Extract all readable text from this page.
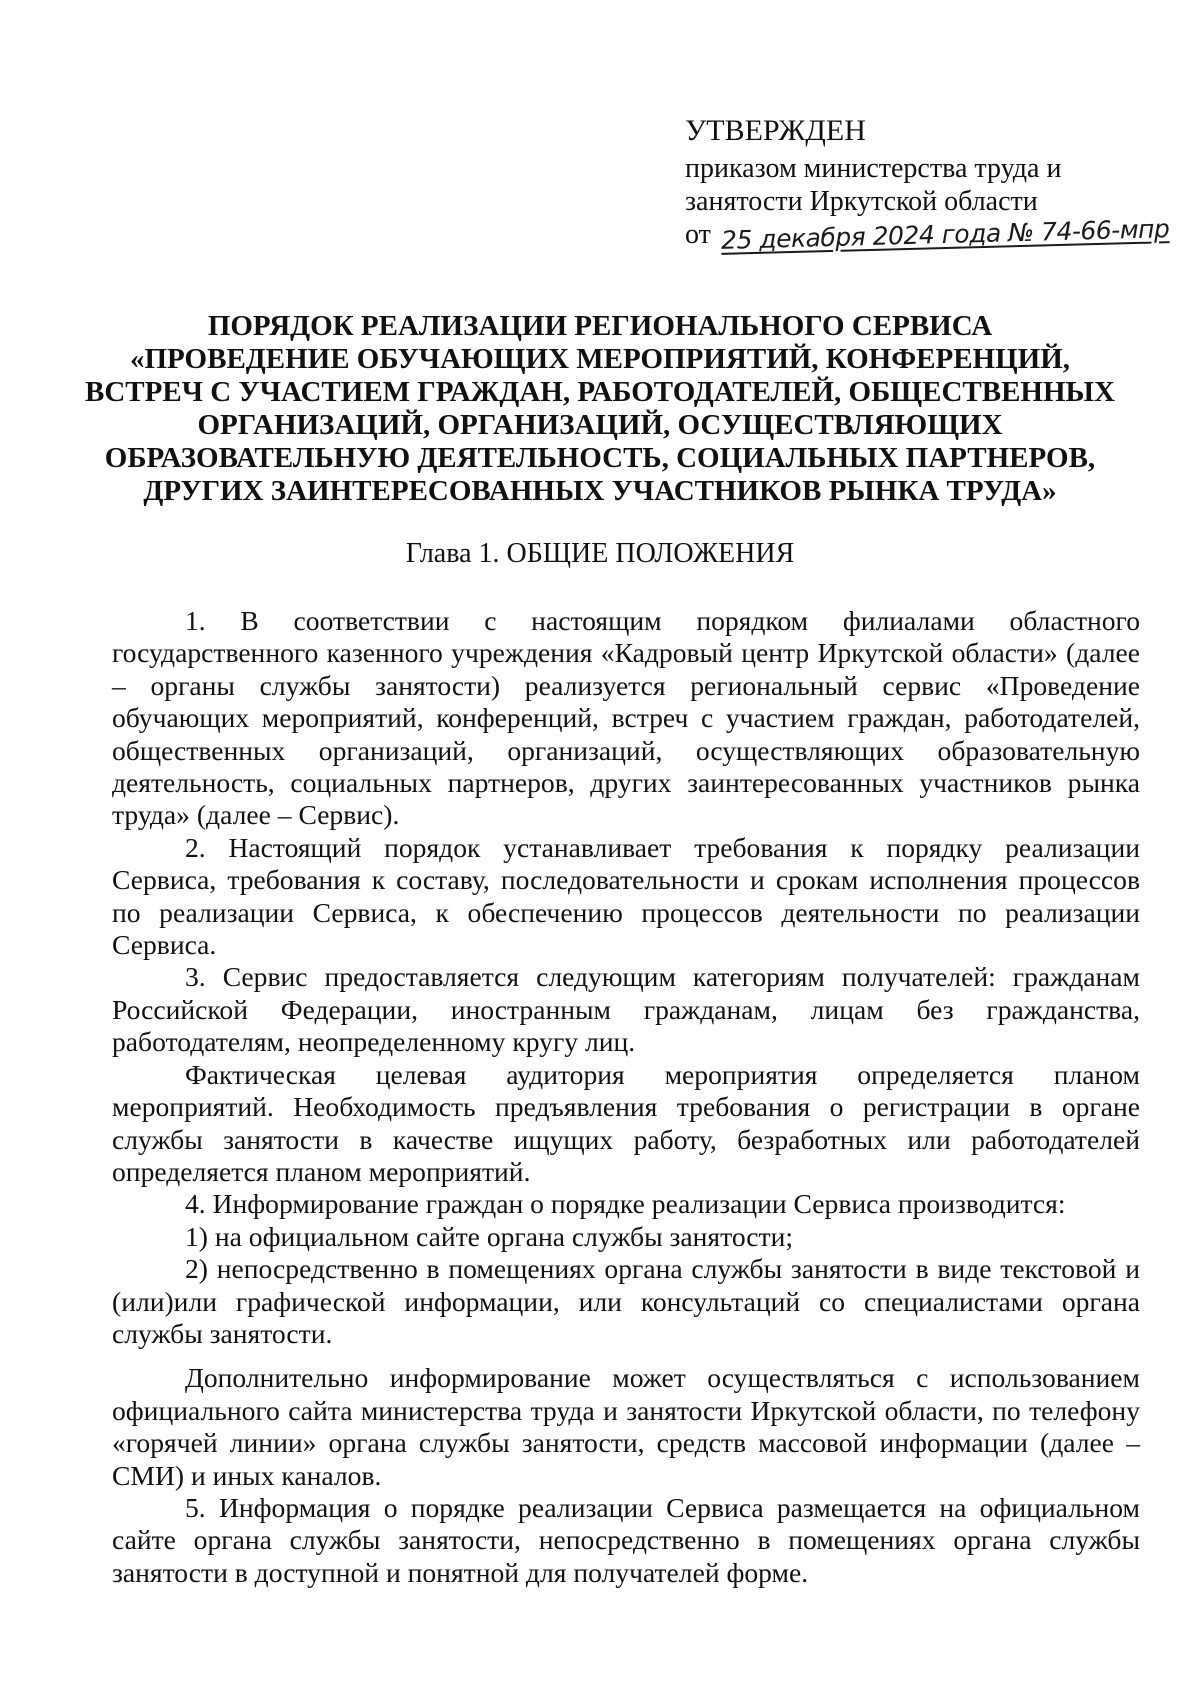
УТВЕРЖДЕН
приказом министерства труда и
занятости Иркутской области
от 25 декабря 2024 года № 74-66-мпр
ПОРЯДОК РЕАЛИЗАЦИИ РЕГИОНАЛЬНОГО СЕРВИСА
«ПРОВЕДЕНИЕ ОБУЧАЮЩИХ МЕРОПРИЯТИЙ, КОНФЕРЕНЦИЙ,
ВСТРЕЧ С УЧАСТИЕМ ГРАЖДАН, РАБОТОДАТЕЛЕЙ, ОБЩЕСТВЕННЫХ
ОРГАНИЗАЦИЙ, ОРГАНИЗАЦИЙ, ОСУЩЕСТВЛЯЮЩИХ
ОБРАЗОВАТЕЛЬНУЮ ДЕЯТЕЛЬНОСТЬ, СОЦИАЛЬНЫХ ПАРТНЕРОВ,
ДРУГИХ ЗАИНТЕРЕСОВАННЫХ УЧАСТНИКОВ РЫНКА ТРУДА»
Глава 1. ОБЩИЕ ПОЛОЖЕНИЯ

1. В соответствии с настоящим порядком филиалами областного государственного казенного учреждения «Кадровый центр Иркутской области» (далее – органы службы занятости) реализуется региональный сервис «Проведение обучающих мероприятий, конференций, встреч с участием граждан, работодателей, общественных организаций, организаций, осуществляющих образовательную деятельность, социальных партнеров, других заинтересованных участников рынка труда» (далее – Сервис).

2. Настоящий порядок устанавливает требования к порядку реализации Сервиса, требования к составу, последовательности и срокам исполнения процессов по реализации Сервиса, к обеспечению процессов деятельности по реализации Сервиса.

3. Сервис предоставляется следующим категориям получателей: гражданам Российской Федерации, иностранным гражданам, лицам без гражданства, работодателям, неопределенному кругу лиц.

Фактическая целевая аудитория мероприятия определяется планом мероприятий. Необходимость предъявления требования о регистрации в органе службы занятости в качестве ищущих работу, безработных или работодателей определяется планом мероприятий.

4. Информирование граждан о порядке реализации Сервиса производится:

1) на официальном сайте органа службы занятости;

2) непосредственно в помещениях органа службы занятости в виде текстовой и (или)или графической информации, или консультаций со специалистами органа службы занятости.

Дополнительно информирование может осуществляться с использованием официального сайта министерства труда и занятости Иркутской области, по телефону «горячей линии» органа службы занятости, средств массовой информации (далее – СМИ) и иных каналов.

5. Информация о порядке реализации Сервиса размещается на официальном сайте органа службы занятости, непосредственно в помещениях органа службы занятости в доступной и понятной для получателей форме.
